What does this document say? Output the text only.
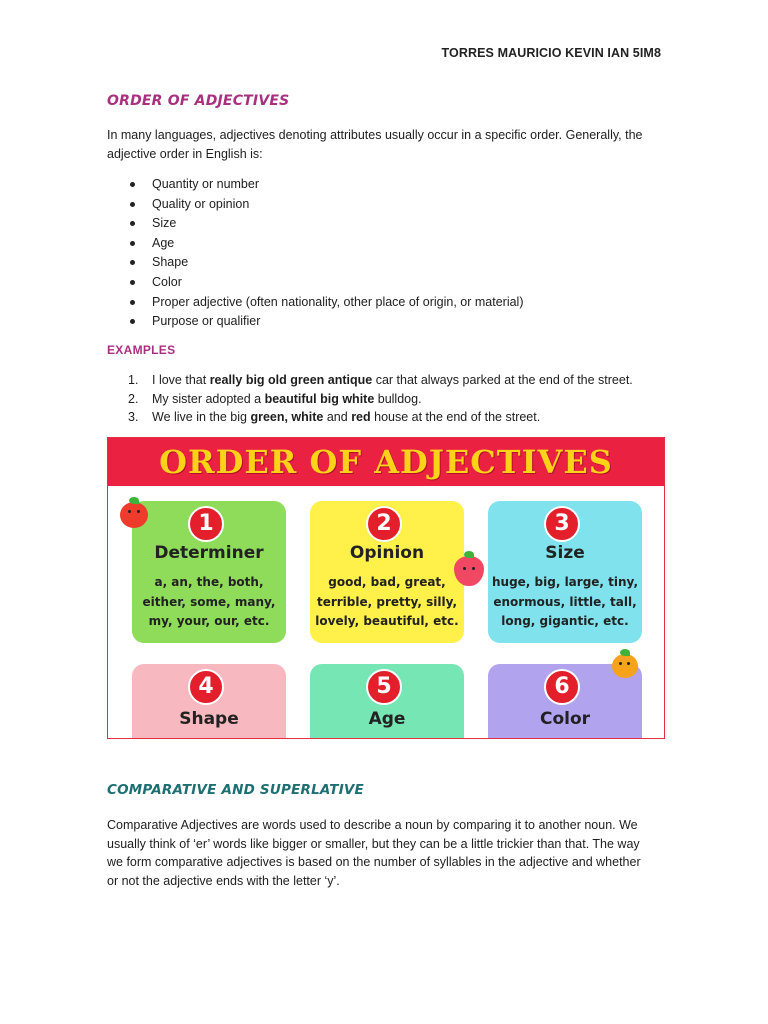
TORRES MAURICIO KEVIN IAN 5IM8
ORDER OF ADJECTIVES
In many languages, adjectives denoting attributes usually occur in a specific order. Generally, the
adjective order in English is:
Quantity or number
Quality or opinion
Size
Age
Shape
Color
Proper adjective (often nationality, other place of origin, or material)
Purpose or qualifier
EXAMPLES
1. I love that really big old green antique car that always parked at the end of the street.
2. My sister adopted a beautiful big white bulldog.
3. We live in the big green, white and red house at the end of the street.
ORDER OF ADJECTIVES
1
Determiner
a, an, the, both,
either, some, many,
my, your, our, etc.
2
Opinion
good, bad, great,
terrible, pretty, silly,
lovely, beautiful, etc.
3
Size
huge, big, large, tiny,
enormous, little, tall,
long, gigantic, etc.
4
Shape
5
Age
6
Color
COMPARATIVE AND SUPERLATIVE
Comparative Adjectives are words used to describe a noun by comparing it to another noun. We
usually think of ‘er’ words like bigger or smaller, but they can be a little trickier than that. The way
we form comparative adjectives is based on the number of syllables in the adjective and whether
or not the adjective ends with the letter ‘y’.
